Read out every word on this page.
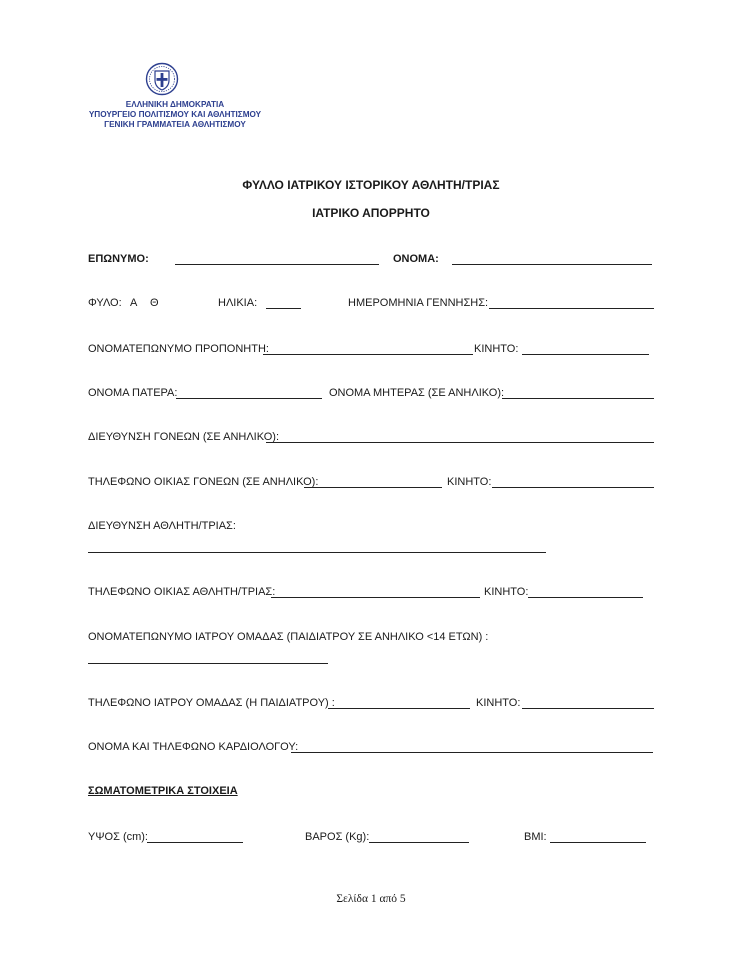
ΕΛΛΗΝΙΚΗ ΔΗΜΟΚΡΑΤΙΑ
ΥΠΟΥΡΓΕΙΟ ΠΟΛΙΤΙΣΜΟΥ ΚΑΙ ΑΘΛΗΤΙΣΜΟΥ
ΓΕΝΙΚΗ ΓΡΑΜΜΑΤΕΙΑ ΑΘΛΗΤΙΣΜΟΥ
ΦΥΛΛΟ ΙΑΤΡΙΚΟΥ ΙΣΤΟΡΙΚΟΥ ΑΘΛΗΤΗ/ΤΡΙΑΣ
ΙΑΤΡΙΚΟ ΑΠΟΡΡΗΤΟ
ΕΠΩΝΥΜΟ:	ΟΝΟΜΑ:
ΦΥΛΟ: Α Θ	ΗΛΙΚΙΑ:	ΗΜΕΡΟΜΗΝΙΑ ΓΕΝΝΗΣΗΣ:
ΟΝΟΜΑΤΕΠΩΝΥΜΟ ΠΡΟΠΟΝΗΤΗ:	ΚΙΝΗΤΟ:
ΟΝΟΜΑ ΠΑΤΕΡΑ:	ΟΝΟΜΑ ΜΗΤΕΡΑΣ (ΣΕ ΑΝΗΛΙΚΟ):
ΔΙΕΥΘΥΝΣΗ ΓΟΝΕΩΝ (ΣΕ ΑΝΗΛΙΚΟ):
ΤΗΛΕΦΩΝΟ ΟΙΚΙΑΣ ΓΟΝΕΩΝ (ΣΕ ΑΝΗΛΙΚΟ):	ΚΙΝΗΤΟ:
ΔΙΕΥΘΥΝΣΗ ΑΘΛΗΤΗ/ΤΡΙΑΣ:
ΤΗΛΕΦΩΝΟ ΟΙΚΙΑΣ ΑΘΛΗΤΗ/ΤΡΙΑΣ:	ΚΙΝΗΤΟ:
ΟΝΟΜΑΤΕΠΩΝΥΜΟ ΙΑΤΡΟΥ ΟΜΑΔΑΣ (ΠΑΙΔΙΑΤΡΟΥ ΣΕ ΑΝΗΛΙΚΟ <14 ΕΤΩΝ) :
ΤΗΛΕΦΩΝΟ ΙΑΤΡΟΥ ΟΜΑΔΑΣ (Η ΠΑΙΔΙΑΤΡΟΥ) :	ΚΙΝΗΤΟ:
ΟΝΟΜΑ ΚΑΙ ΤΗΛΕΦΩΝΟ ΚΑΡΔΙΟΛΟΓΟΥ:
ΣΩΜΑΤΟΜΕΤΡΙΚΑ ΣΤΟΙΧΕΙΑ
ΥΨΟΣ (cm):	ΒΑΡΟΣ (Kg):	BMI:
Σελίδα 1 από 5
